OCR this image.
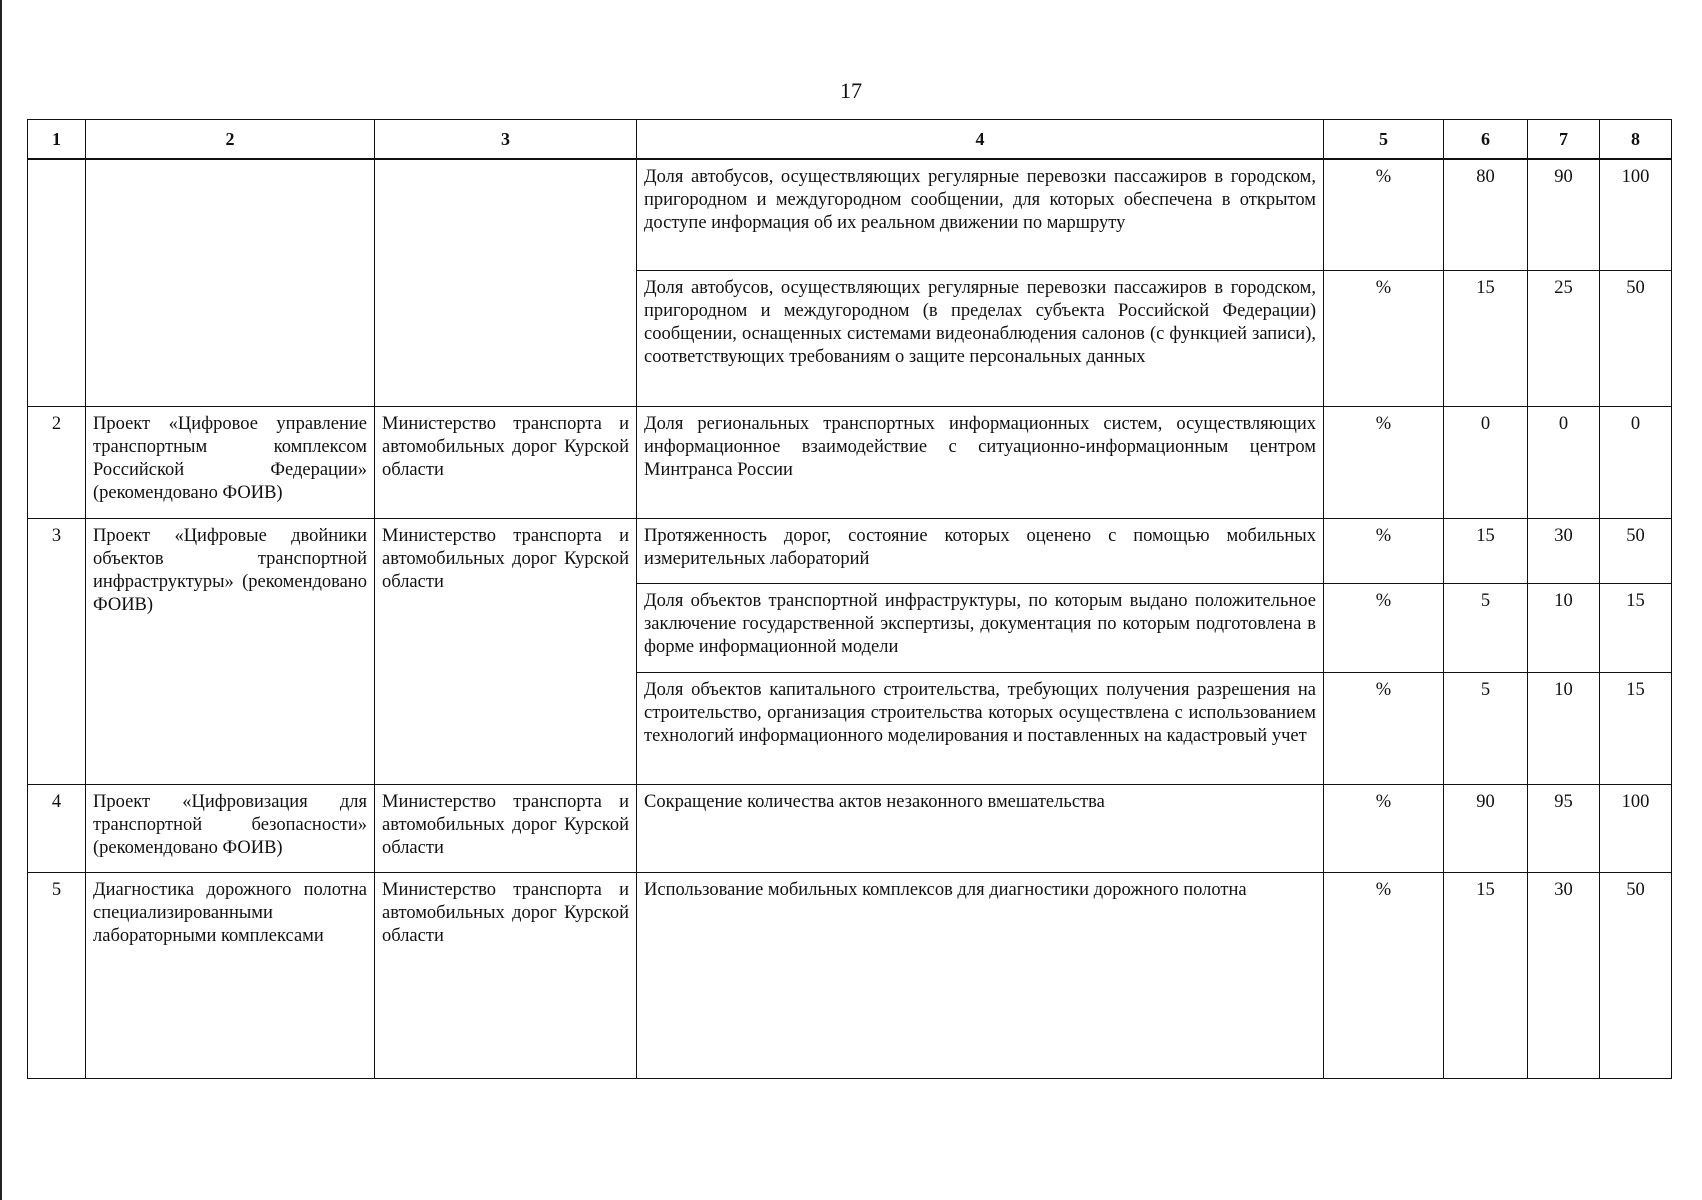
17
1	2	3	4	5	6	7	8
			Доля автобусов, осуществляющих регулярные перевозки пассажиров в городском, пригородном и междугородном сообщении, для которых обеспечена в открытом доступе информация об их реальном движении по маршруту	%	80	90	100
			Доля автобусов, осуществляющих регулярные перевозки пассажиров в городском, пригородном и междугородном (в пределах субъекта Российской Федерации) сообщении, оснащенных системами видеонаблюдения салонов (с функцией записи), соответствующих требованиям о защите персональных данных	%	15	25	50
2	Проект «Цифровое управление транспортным комплексом Российской Федерации» (рекомендовано ФОИВ)	Министерство транспорта и автомобильных дорог Курской области	Доля региональных транспортных информационных систем, осуществляющих информационное взаимодействие с ситуационно-информационным центром Минтранса России	%	0	0	0
3	Проект «Цифровые двойники объектов транспортной инфраструктуры» (рекомендовано ФОИВ)	Министерство транспорта и автомобильных дорог Курской области	Протяженность дорог, состояние которых оценено с помощью мобильных измерительных лабораторий	%	15	30	50
			Доля объектов транспортной инфраструктуры, по которым выдано положительное заключение государственной экспертизы, документация по которым подготовлена в форме информационной модели	%	5	10	15
			Доля объектов капитального строительства, требующих получения разрешения на строительство, организация строительства которых осуществлена с использованием технологий информационного моделирования и поставленных на кадастровый учет	%	5	10	15
4	Проект «Цифровизация для транспортной безопасности» (рекомендовано ФОИВ)	Министерство транспорта и автомобильных дорог Курской области	Сокращение количества актов незаконного вмешательства	%	90	95	100
5	Диагностика дорожного полотна специализированными лабораторными комплексами	Министерство транспорта и автомобильных дорог Курской области	Использование мобильных комплексов для диагностики дорожного полотна	%	15	30	50
